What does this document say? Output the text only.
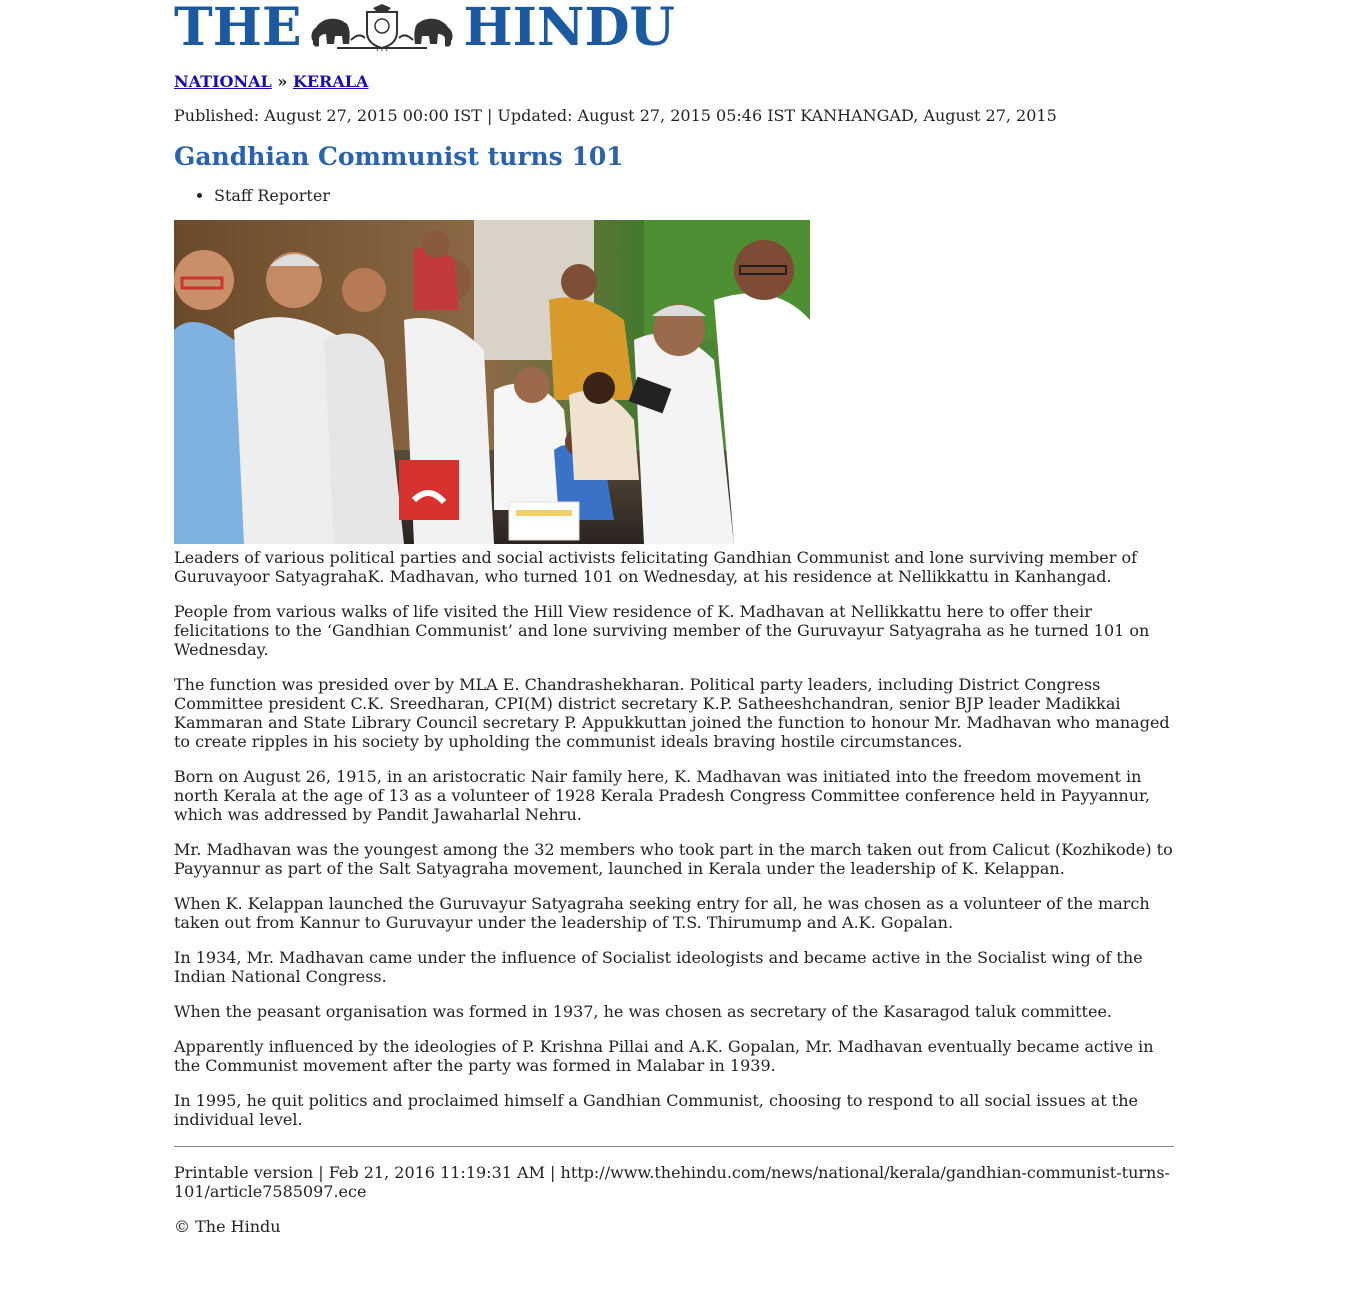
THE	✦ ✦ ✦ HINDU
NATIONAL » KERALA
Published: August 27, 2015 00:00 IST | Updated: August 27, 2015 05:46 IST KANHANGAD, August 27, 2015
Gandhian Communist turns 101
• Staff Reporter
Leaders of various political parties and social activists felicitating Gandhian Communist and lone surviving member of Guruvayoor SatyagrahaK. Madhavan, who turned 101 on Wednesday, at his residence at Nellikkattu in Kanhangad.

People from various walks of life visited the Hill View residence of K. Madhavan at Nellikkattu here to offer their felicitations to the ‘Gandhian Communist’ and lone surviving member of the Guruvayur Satyagraha as he turned 101 on Wednesday.

The function was presided over by MLA E. Chandrashekharan. Political party leaders, including District Congress Committee president C.K. Sreedharan, CPI(M) district secretary K.P. Satheeshchandran, senior BJP leader Madikkai Kammaran and State Library Council secretary P. Appukkuttan joined the function to honour Mr. Madhavan who managed to create ripples in his society by upholding the communist ideals braving hostile circumstances.

Born on August 26, 1915, in an aristocratic Nair family here, K. Madhavan was initiated into the freedom movement in north Kerala at the age of 13 as a volunteer of 1928 Kerala Pradesh Congress Committee conference held in Payyannur, which was addressed by Pandit Jawaharlal Nehru.

Mr. Madhavan was the youngest among the 32 members who took part in the march taken out from Calicut (Kozhikode) to Payyannur as part of the Salt Satyagraha movement, launched in Kerala under the leadership of K. Kelappan.

When K. Kelappan launched the Guruvayur Satyagraha seeking entry for all, he was chosen as a volunteer of the march taken out from Kannur to Guruvayur under the leadership of T.S. Thirumump and A.K. Gopalan.

In 1934, Mr. Madhavan came under the influence of Socialist ideologists and became active in the Socialist wing of the Indian National Congress.

When the peasant organisation was formed in 1937, he was chosen as secretary of the Kasaragod taluk committee.

Apparently influenced by the ideologies of P. Krishna Pillai and A.K. Gopalan, Mr. Madhavan eventually became active in the Communist movement after the party was formed in Malabar in 1939.

In 1995, he quit politics and proclaimed himself a Gandhian Communist, choosing to respond to all social issues at the individual level.

Printable version | Feb 21, 2016 11:19:31 AM | http://www.thehindu.com/news/national/kerala/gandhian-communist-turns-101/article7585097.ece
© The Hindu
